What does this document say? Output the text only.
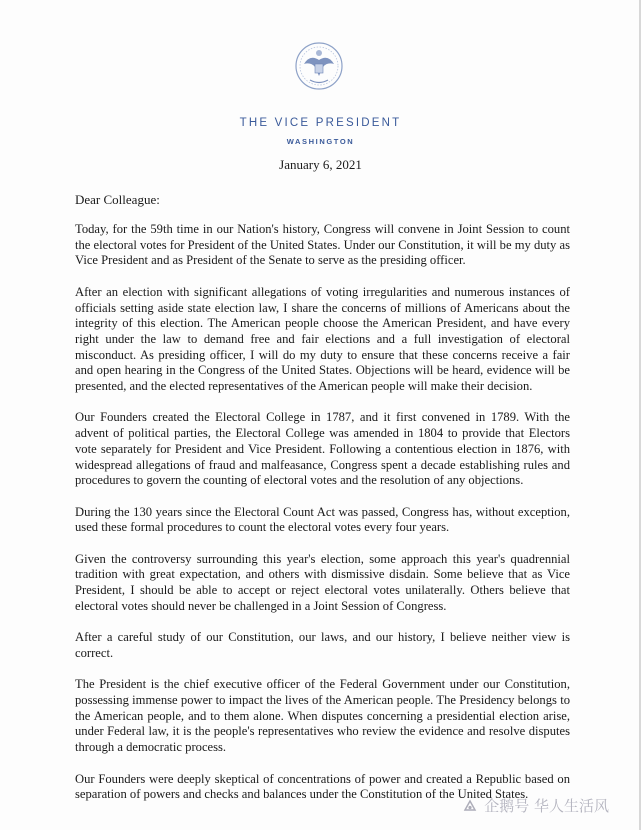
THE VICE PRESIDENT
WASHINGTON
January 6, 2021
Dear Colleague:

Today, for the 59th time in our Nation's history, Congress will convene in Joint Session to count the electoral votes for President of the United States. Under our Constitution, it will be my duty as Vice President and as President of the Senate to serve as the presiding officer.

After an election with significant allegations of voting irregularities and numerous instances of officials setting aside state election law, I share the concerns of millions of Americans about the integrity of this election. The American people choose the American President, and have every right under the law to demand free and fair elections and a full investigation of electoral misconduct. As presiding officer, I will do my duty to ensure that these concerns receive a fair and open hearing in the Congress of the United States. Objections will be heard, evidence will be presented, and the elected representatives of the American people will make their decision.

Our Founders created the Electoral College in 1787, and it first convened in 1789. With the advent of political parties, the Electoral College was amended in 1804 to provide that Electors vote separately for President and Vice President. Following a contentious election in 1876, with widespread allegations of fraud and malfeasance, Congress spent a decade establishing rules and procedures to govern the counting of electoral votes and the resolution of any objections.

During the 130 years since the Electoral Count Act was passed, Congress has, without exception, used these formal procedures to count the electoral votes every four years.

Given the controversy surrounding this year's election, some approach this year's quadrennial tradition with great expectation, and others with dismissive disdain. Some believe that as Vice President, I should be able to accept or reject electoral votes unilaterally. Others believe that electoral votes should never be challenged in a Joint Session of Congress.

After a careful study of our Constitution, our laws, and our history, I believe neither view is correct.

The President is the chief executive officer of the Federal Government under our Constitution, possessing immense power to impact the lives of the American people. The Presidency belongs to the American people, and to them alone. When disputes concerning a presidential election arise, under Federal law, it is the people's representatives who review the evidence and resolve disputes through a democratic process.

Our Founders were deeply skeptical of concentrations of power and created a Republic based on separation of powers and checks and balances under the Constitution of the United States.

企鹅号 华人生活风
